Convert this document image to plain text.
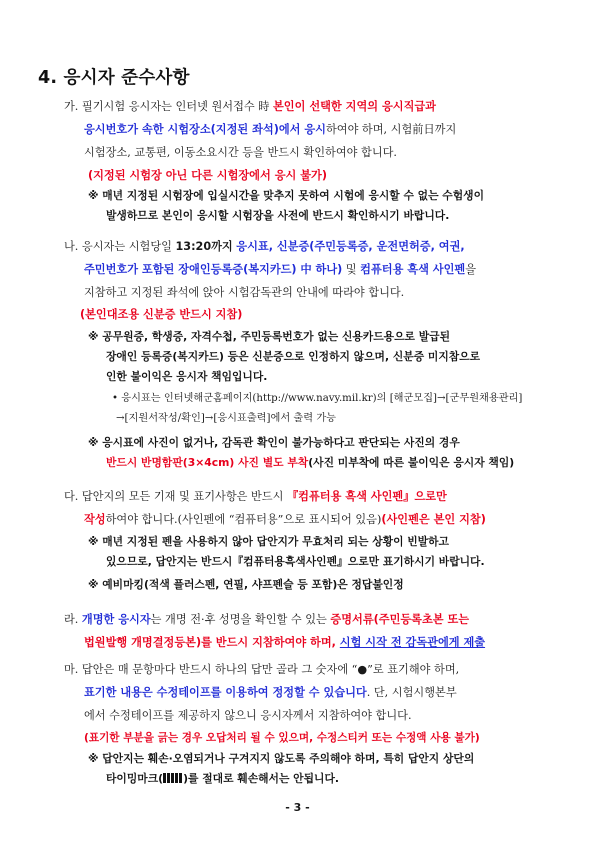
4. 응시자 준수사항
가. 필기시험 응시자는 인터넷 원서접수 時 본인이 선택한 지역의 응시직급과
응시번호가 속한 시험장소(지정된 좌석)에서 응시하여야 하며, 시험前日까지
시험장소, 교통편, 이동소요시간 등을 반드시 확인하여야 합니다.
(지정된 시험장 아닌 다른 시험장에서 응시 불가)
※ 매년 지정된 시험장에 입실시간을 맞추지 못하여 시험에 응시할 수 없는 수험생이
발생하므로 본인이 응시할 시험장을 사전에 반드시 확인하시기 바랍니다.
나. 응시자는 시험당일 13:20까지 응시표, 신분증(주민등록증, 운전면허증, 여권,
주민번호가 포함된 장애인등록증(복지카드) 中 하나) 및 컴퓨터용 흑색 사인펜을
지참하고 지정된 좌석에 앉아 시험감독관의 안내에 따라야 합니다.
(본인대조용 신분증 반드시 지참)
※ 공무원증, 학생증, 자격수첩, 주민등록번호가 없는 신용카드용으로 발급된
장애인 등록증(복지카드) 등은 신분증으로 인정하지 않으며, 신분증 미지참으로
인한 불이익은 응시자 책임입니다.
• 응시표는 인터넷해군홈페이지(http://www.navy.mil.kr)의 [해군모집]→[군무원채용관리]
→[지원서작성/확인]→[응시표출력]에서 출력 가능
※ 응시표에 사진이 없거나, 감독관 확인이 불가능하다고 판단되는 사진의 경우
반드시 반명함판(3×4cm) 사진 별도 부착(사진 미부착에 따른 불이익은 응시자 책임)
다. 답안지의 모든 기재 및 표기사항은 반드시 『컴퓨터용 흑색 사인펜』으로만
작성하여야 합니다.(사인펜에 “컴퓨터용”으로 표시되어 있음)(사인펜은 본인 지참)
※ 매년 지정된 펜을 사용하지 않아 답안지가 무효처리 되는 상황이 빈발하고
있으므로, 답안지는 반드시『컴퓨터용흑색사인펜』으로만 표기하시기 바랍니다.
※ 예비마킹(적색 플러스펜, 연필, 샤프펜슬 등 포함)은 정답불인정
라. 개명한 응시자는 개명 전·후 성명을 확인할 수 있는 증명서류(주민등록초본 또는
법원발행 개명결정등본)를 반드시 지참하여야 하며, 시험 시작 전 감독관에게 제출
마. 답안은 매 문항마다 반드시 하나의 답만 골라 그 숫자에 “●”로 표기해야 하며,
표기한 내용은 수정테이프를 이용하여 정정할 수 있습니다. 단, 시험시행본부
에서 수정테이프를 제공하지 않으니 응시자께서 지참하여야 합니다.
(표기한 부분을 긁는 경우 오답처리 될 수 있으며, 수정스티커 또는 수정액 사용 불가)
※ 답안지는 훼손·오염되거나 구겨지지 않도록 주의해야 하며, 특히 답안지 상단의
타이밍마크( )를 절대로 훼손해서는 안됩니다.
- 3 -
